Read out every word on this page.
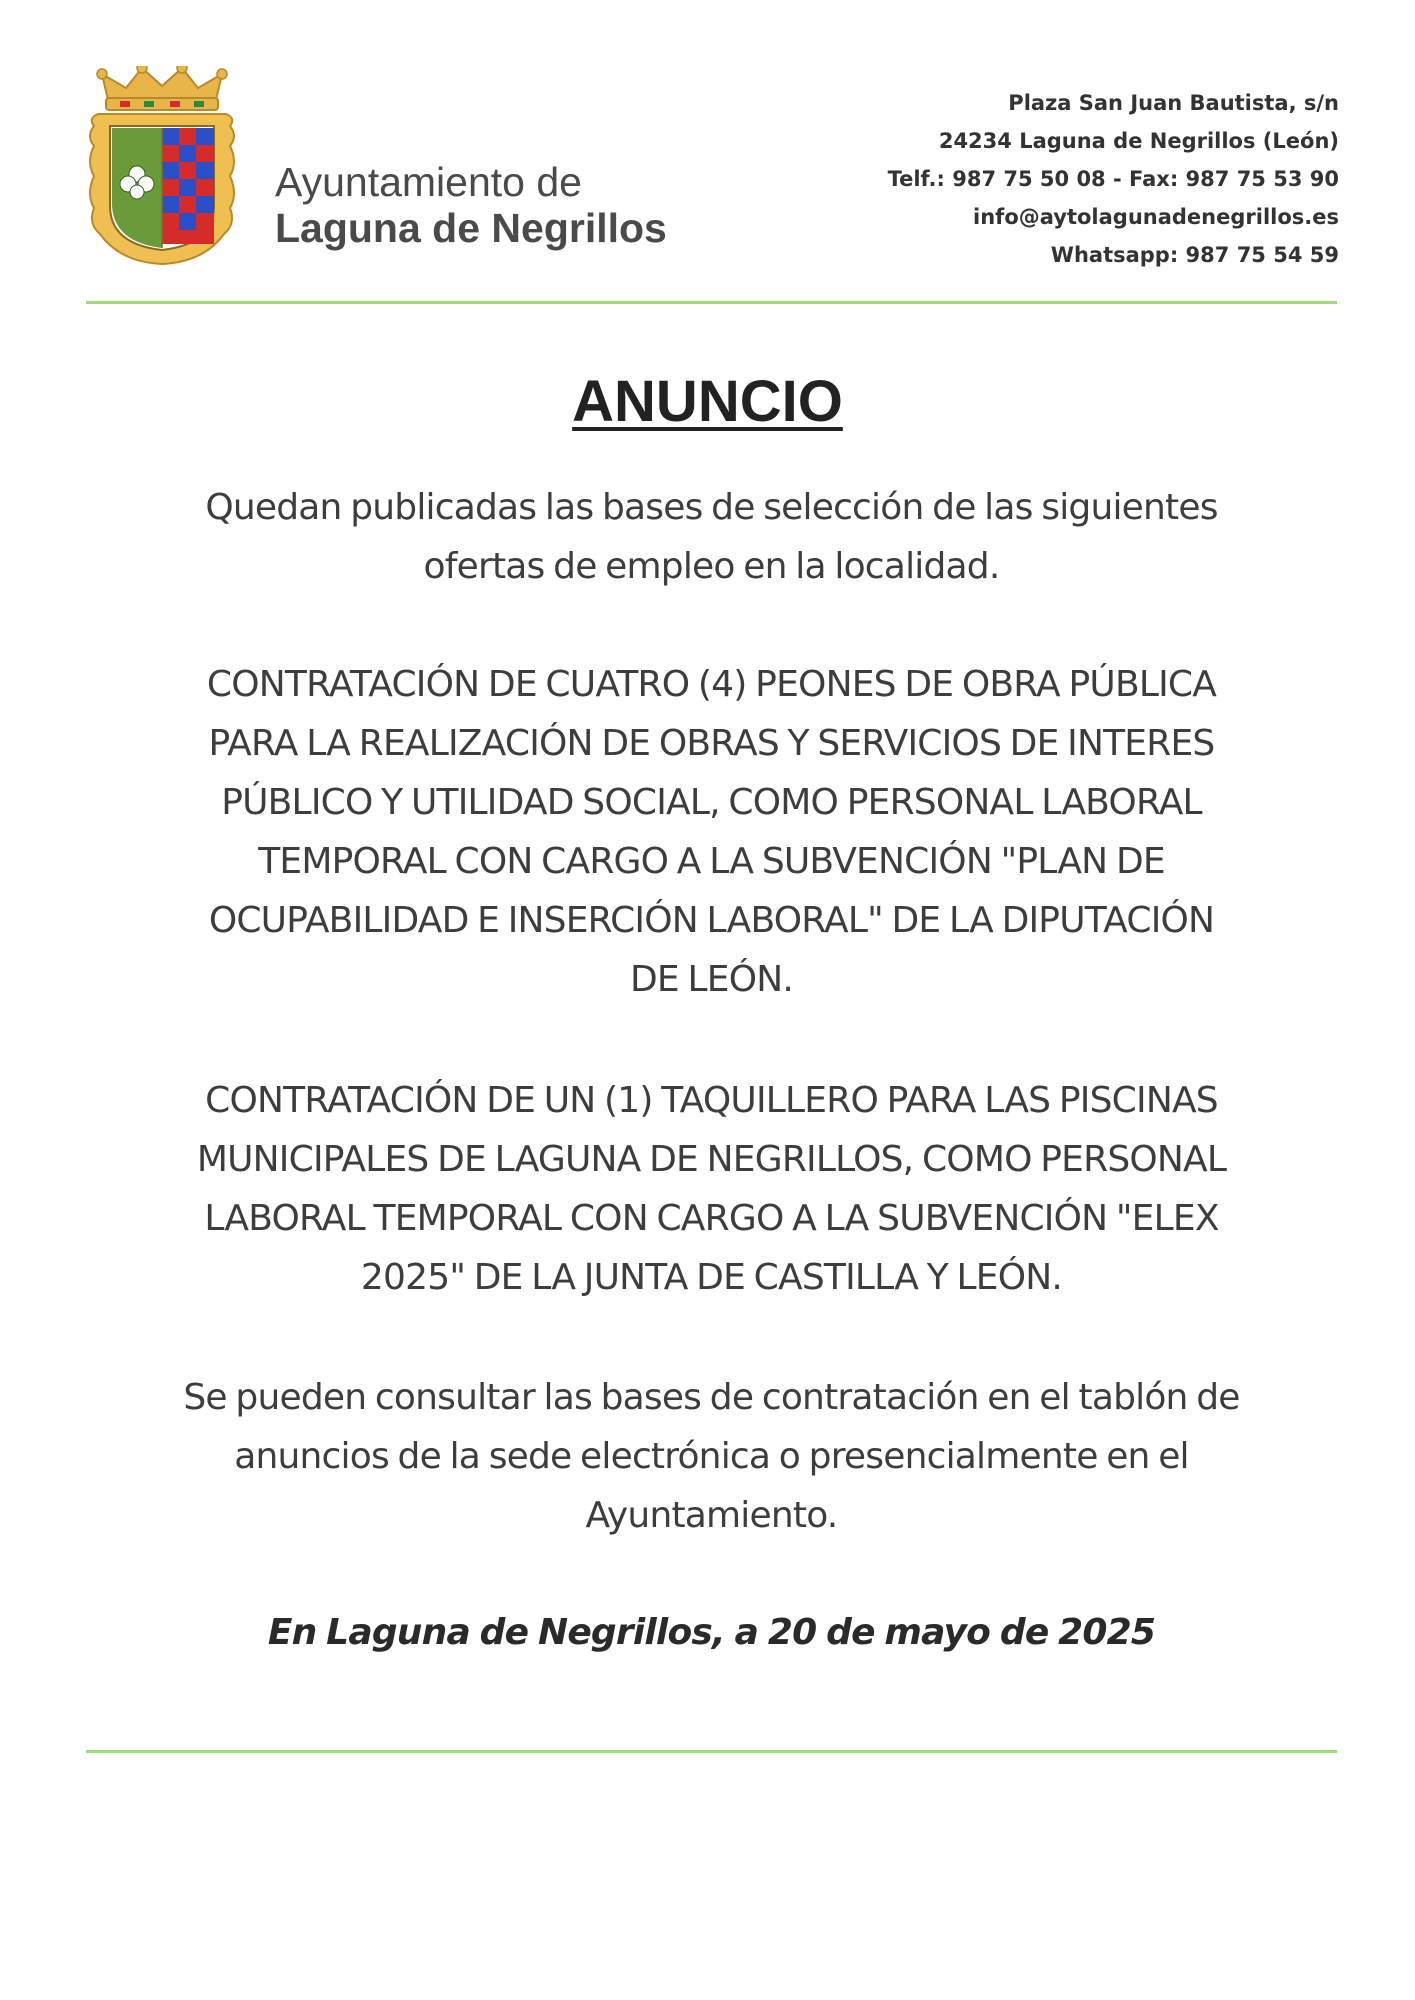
Ayuntamiento de
Laguna de Negrillos
Plaza San Juan Bautista, s/n
24234 Laguna de Negrillos (León)
Telf.: 987 75 50 08 - Fax: 987 75 53 90
info@aytolagunadenegrillos.es
Whatsapp: 987 75 54 59
ANUNCIO

Quedan publicadas las bases de selección de las siguientes
ofertas de empleo en la localidad.

CONTRATACIÓN DE CUATRO (4) PEONES DE OBRA PÚBLICA
PARA LA REALIZACIÓN DE OBRAS Y SERVICIOS DE INTERES
PÚBLICO Y UTILIDAD SOCIAL, COMO PERSONAL LABORAL
TEMPORAL CON CARGO A LA SUBVENCIÓN "PLAN DE
OCUPABILIDAD E INSERCIÓN LABORAL" DE LA DIPUTACIÓN
DE LEÓN.

CONTRATACIÓN DE UN (1) TAQUILLERO PARA LAS PISCINAS
MUNICIPALES DE LAGUNA DE NEGRILLOS, COMO PERSONAL
LABORAL TEMPORAL CON CARGO A LA SUBVENCIÓN "ELEX
2025" DE LA JUNTA DE CASTILLA Y LEÓN.

Se pueden consultar las bases de contratación en el tablón de
anuncios de la sede electrónica o presencialmente en el
Ayuntamiento.

En Laguna de Negrillos, a 20 de mayo de 2025
